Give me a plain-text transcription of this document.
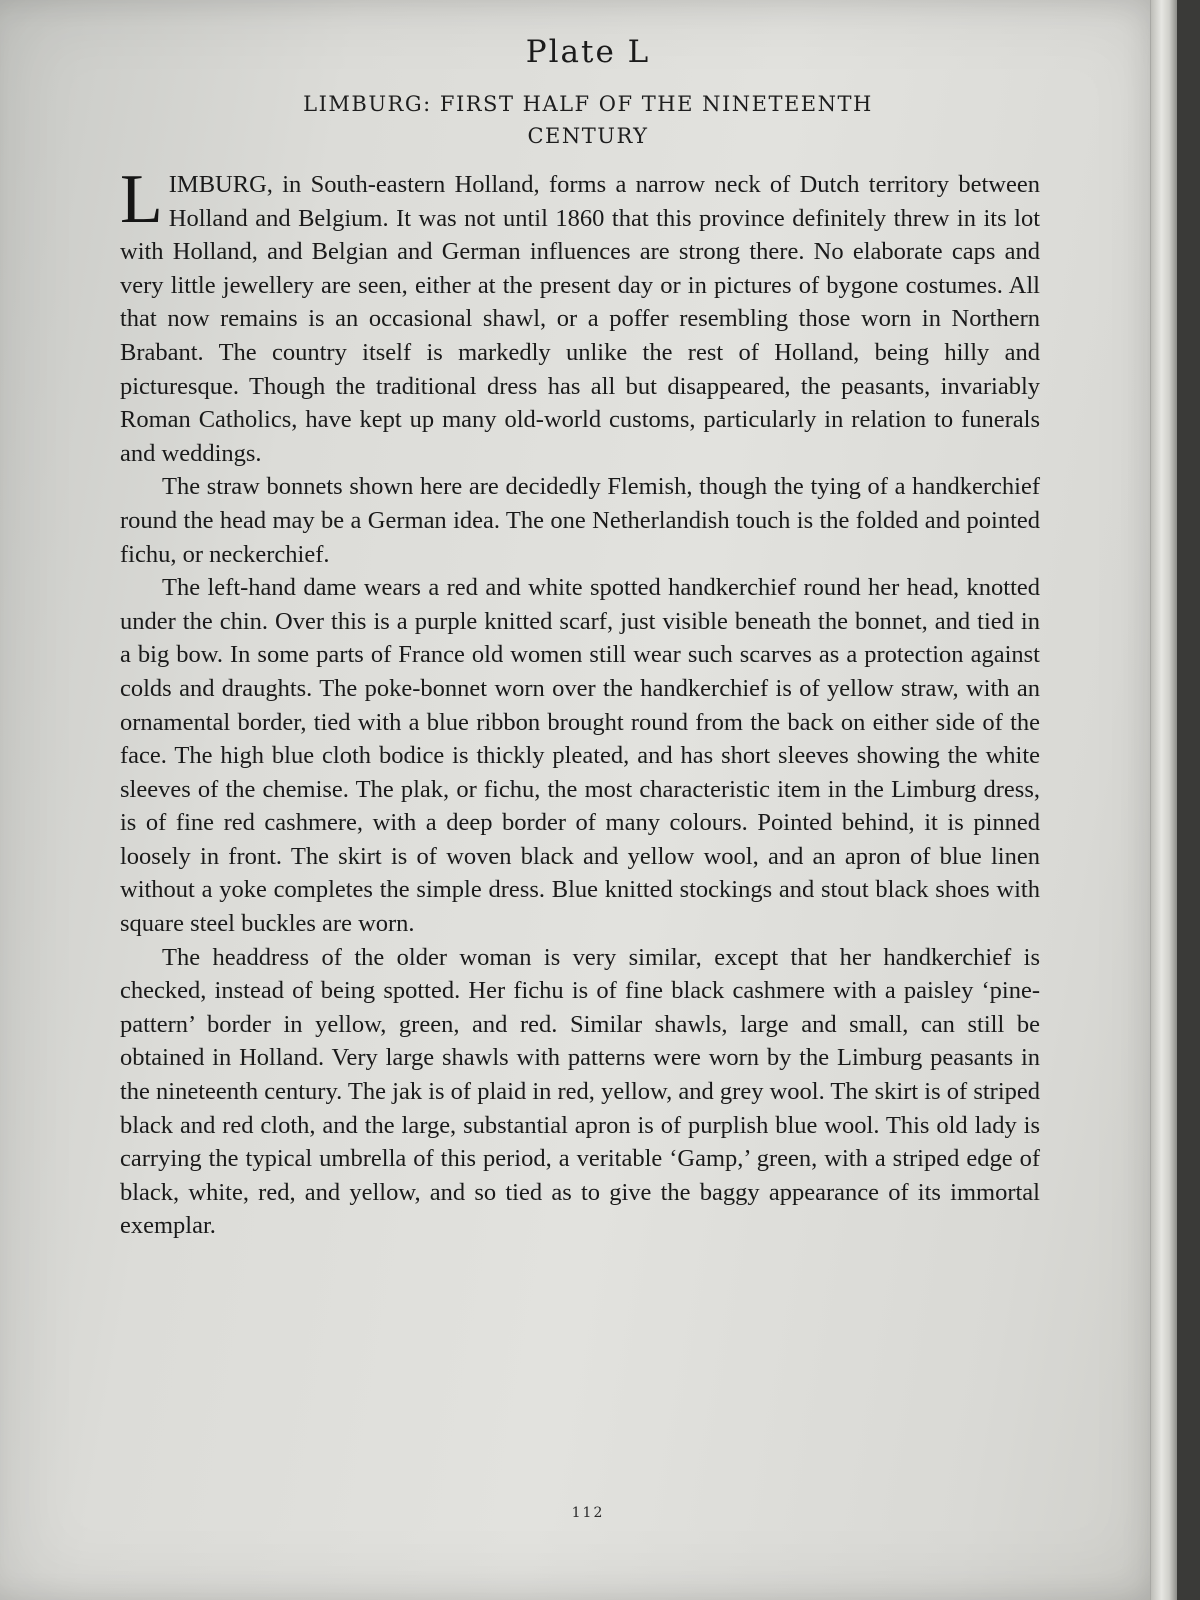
Plate L
LIMBURG: FIRST HALF OF THE NINETEENTH
CENTURY

LIMBURG, in South-eastern Holland, forms a narrow neck of Dutch territory between Holland and Belgium. It was not until 1860 that this province definitely threw in its lot with Holland, and Belgian and German influences are strong there. No elaborate caps and very little jewellery are seen, either at the present day or in pictures of bygone costumes. All that now remains is an occasional shawl, or a poffer resembling those worn in Northern Brabant. The country itself is markedly unlike the rest of Holland, being hilly and picturesque. Though the traditional dress has all but disappeared, the peasants, invariably Roman Catholics, have kept up many old-world customs, particularly in relation to funerals and weddings.

The straw bonnets shown here are decidedly Flemish, though the tying of a handkerchief round the head may be a German idea. The one Netherlandish touch is the folded and pointed fichu, or neckerchief.

The left-hand dame wears a red and white spotted handkerchief round her head, knotted under the chin. Over this is a purple knitted scarf, just visible beneath the bonnet, and tied in a big bow. In some parts of France old women still wear such scarves as a protection against colds and draughts. The poke-bonnet worn over the handkerchief is of yellow straw, with an ornamental border, tied with a blue ribbon brought round from the back on either side of the face. The high blue cloth bodice is thickly pleated, and has short sleeves showing the white sleeves of the chemise. The plak, or fichu, the most characteristic item in the Limburg dress, is of fine red cashmere, with a deep border of many colours. Pointed behind, it is pinned loosely in front. The skirt is of woven black and yellow wool, and an apron of blue linen without a yoke completes the simple dress. Blue knitted stockings and stout black shoes with square steel buckles are worn.

The headdress of the older woman is very similar, except that her handkerchief is checked, instead of being spotted. Her fichu is of fine black cashmere with a paisley ‘pine-pattern’ border in yellow, green, and red. Similar shawls, large and small, can still be obtained in Holland. Very large shawls with patterns were worn by the Limburg peasants in the nineteenth century. The jak is of plaid in red, yellow, and grey wool. The skirt is of striped black and red cloth, and the large, substantial apron is of purplish blue wool. This old lady is carrying the typical umbrella of this period, a veritable ‘Gamp,’ green, with a striped edge of black, white, red, and yellow, and so tied as to give the baggy appearance of its immortal exemplar.

112
